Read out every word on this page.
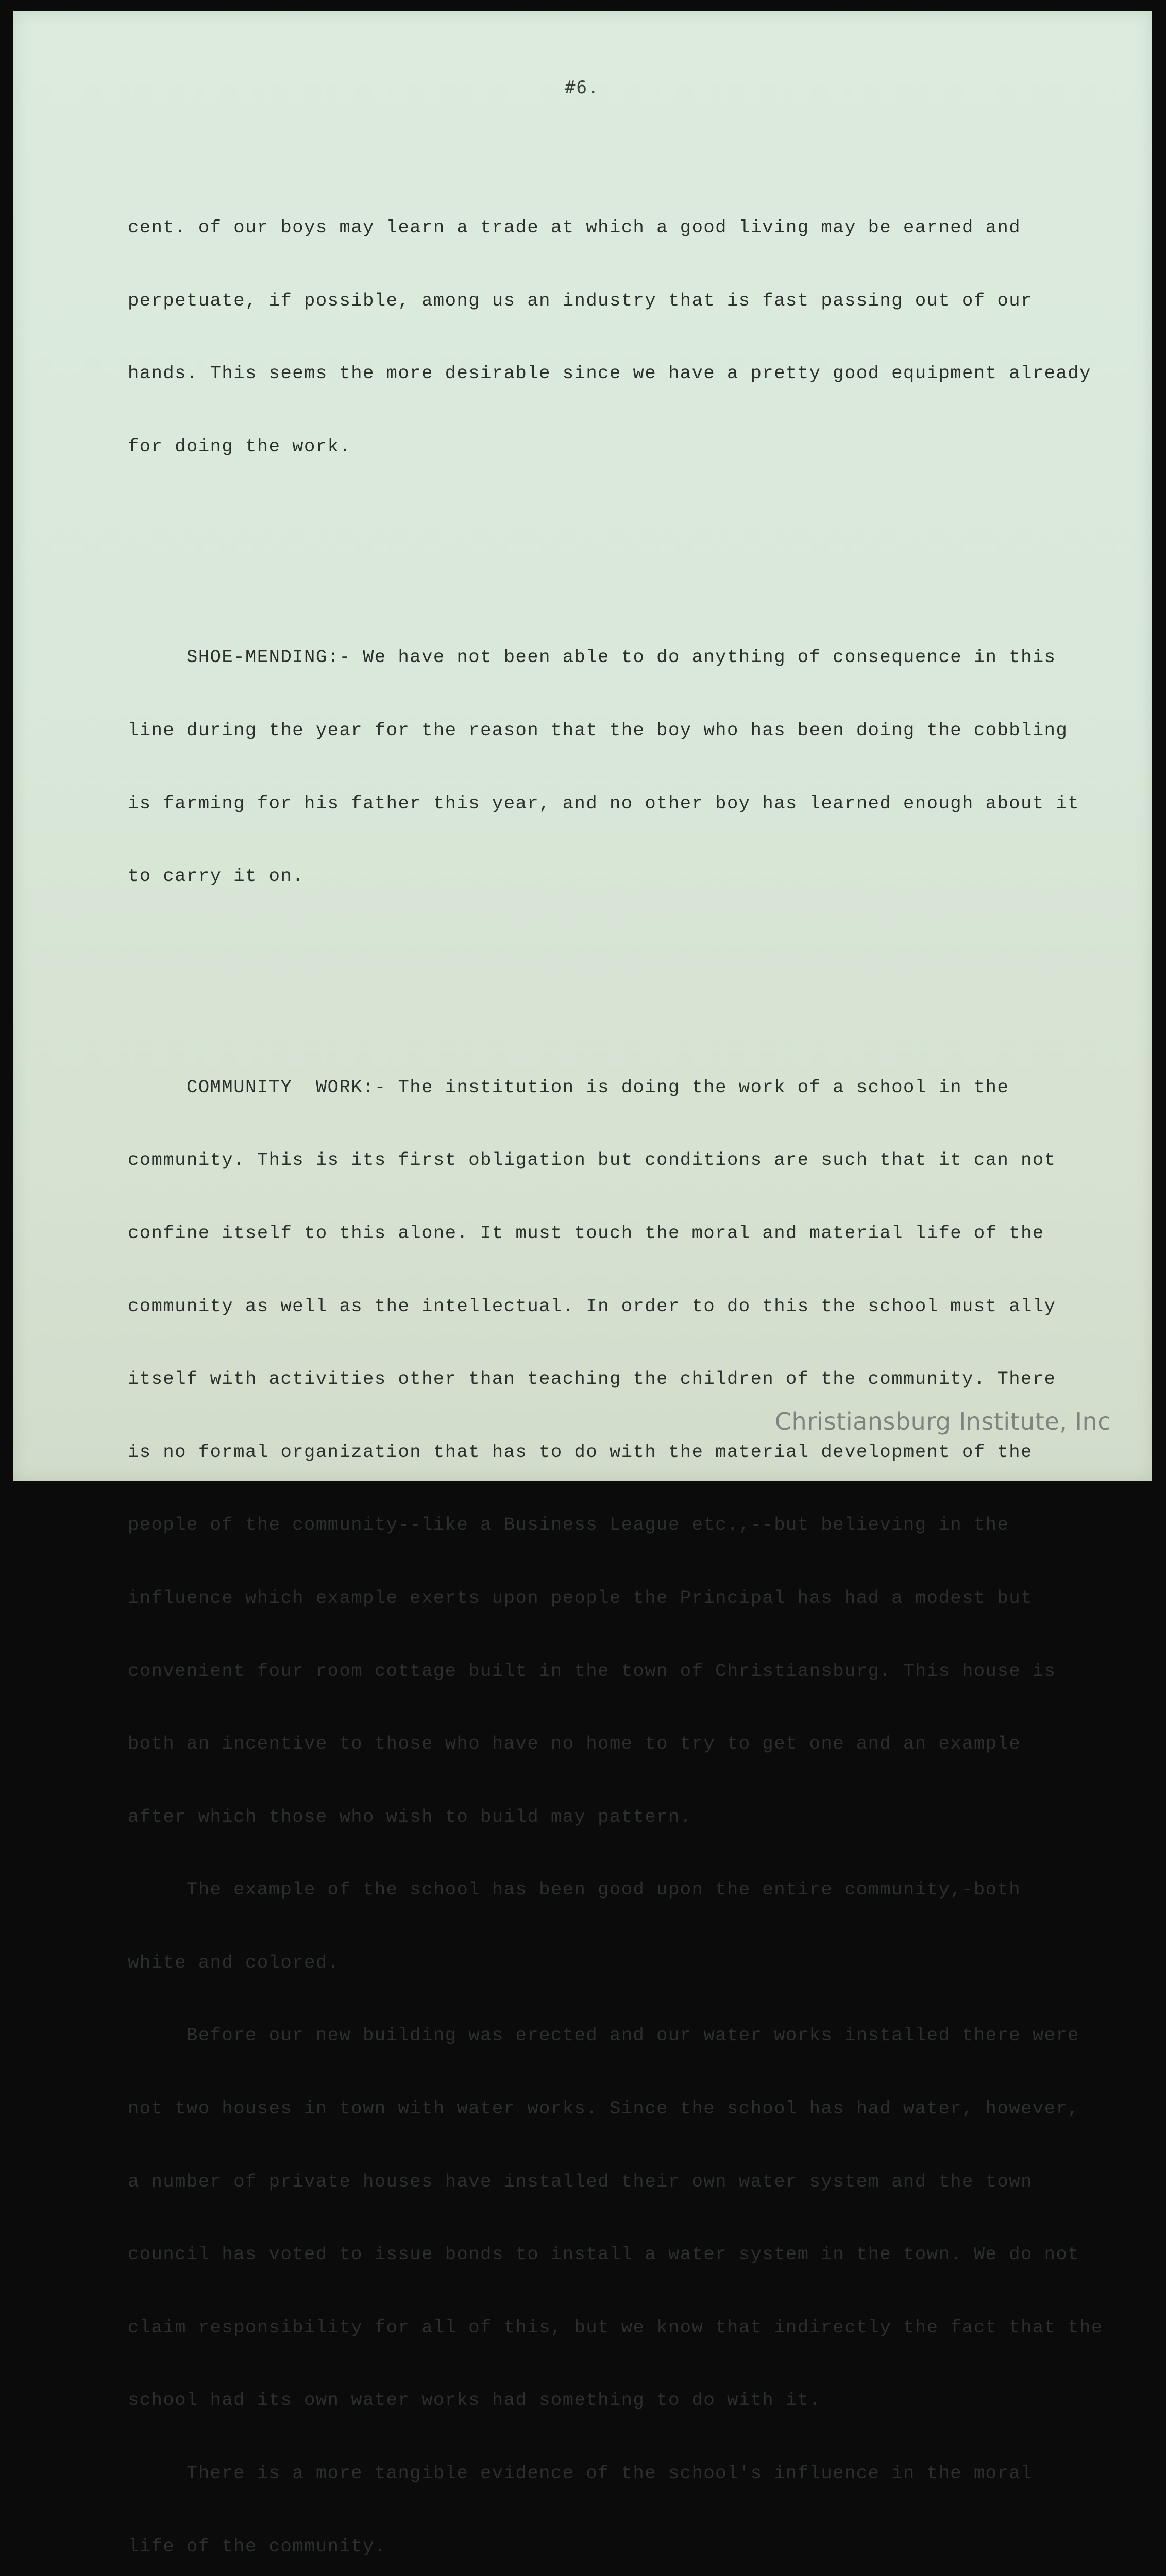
#6.

cent. of our boys may learn a trade at which a good living may be earned and

perpetuate, if possible, among us an industry that is fast passing out of our

hands. This seems the more desirable since we have a pretty good equipment already

for doing the work.

SHOE-MENDING:- We have not been able to do anything of consequence in this

line during the year for the reason that the boy who has been doing the cobbling

is farming for his father this year, and no other boy has learned enough about it

to carry it on.

COMMUNITY  WORK:- The institution is doing the work of a school in the

community. This is its first obligation but conditions are such that it can not

confine itself to this alone. It must touch the moral and material life of the

community as well as the intellectual. In order to do this the school must ally

itself with activities other than teaching the children of the community. There

is no formal organization that has to do with the material development of the

people of the community--like a Business League etc.,--but believing in the

influence which example exerts upon people the Principal has had a modest but

convenient four room cottage built in the town of Christiansburg. This house is

both an incentive to those who have no home to try to get one and an example

after which those who wish to build may pattern.

The example of the school has been good upon the entire community,-both

white and colored.

Before our new building was erected and our water works installed there were

not two houses in town with water works. Since the school has had water, however,

a number of private houses have installed their own water system and the town

council has voted to issue bonds to install a water system in the town. We do not

claim responsibility for all of this, but we know that indirectly the fact that the

school had its own water works had something to do with it.

There is a more tangible evidence of the school's influence in the moral

life of the community.

Christiansburg Institute, Inc
